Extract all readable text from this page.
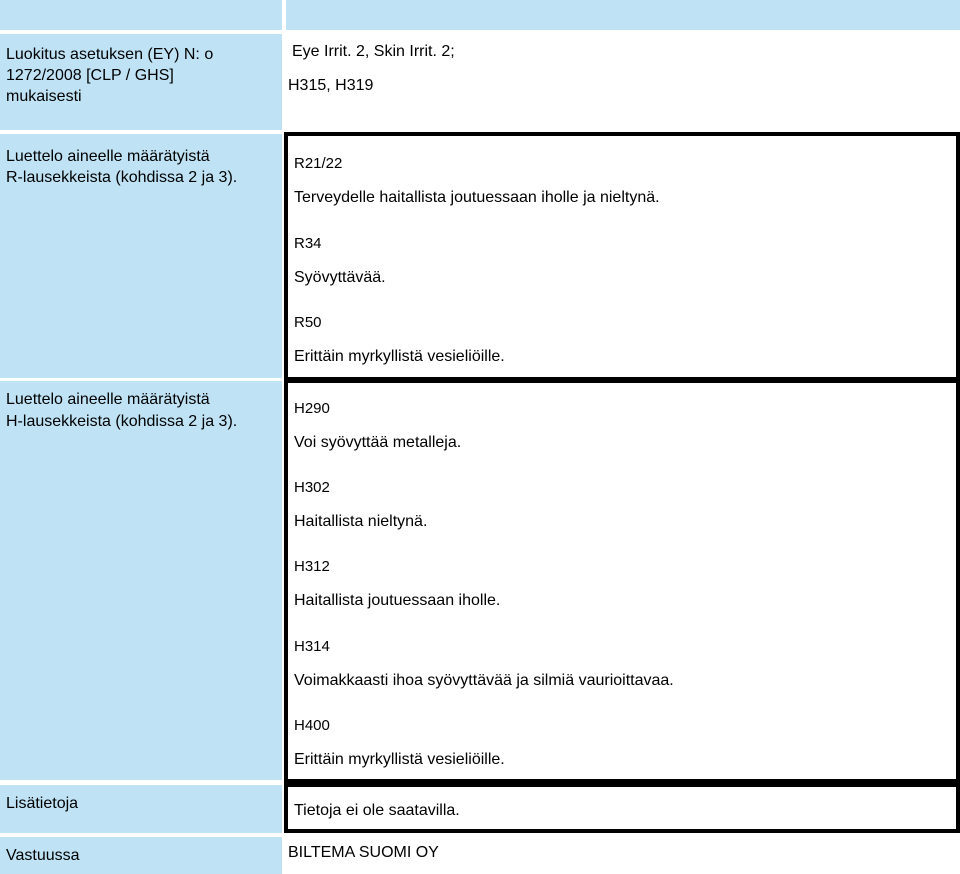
Luokitus asetuksen (EY) N: o
1272/2008 [CLP / GHS]
mukaisesti
Eye Irrit. 2, Skin Irrit. 2;
H315, H319
Luettelo aineelle määrätyistä
R-lausekkeista (kohdissa 2 ja 3).
R21/22
Terveydelle haitallista joutuessaan iholle ja nieltynä.
R34
Syövyttävää.
R50
Erittäin myrkyllistä vesieliöille.
Luettelo aineelle määrätyistä
H-lausekkeista (kohdissa 2 ja 3).
H290
Voi syövyttää metalleja.
H302
Haitallista nieltynä.
H312
Haitallista joutuessaan iholle.
H314
Voimakkaasti ihoa syövyttävää ja silmiä vaurioittavaa.
H400
Erittäin myrkyllistä vesieliöille.
Lisätietoja	Tietoja ei ole saatavilla.
Vastuussa	BILTEMA SUOMI OY
